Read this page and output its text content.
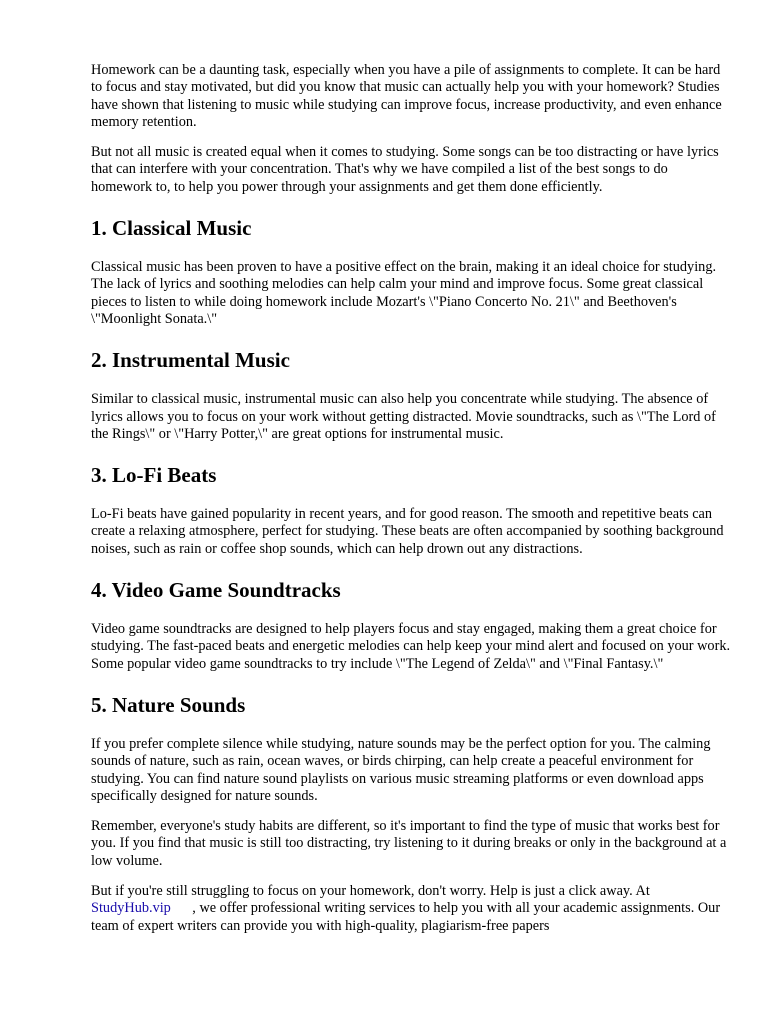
Homework can be a daunting task, especially when you have a pile of assignments to complete. It can be hard to focus and stay motivated, but did you know that music can actually help you with your homework? Studies have shown that listening to music while studying can improve focus, increase productivity, and even enhance memory retention.

But not all music is created equal when it comes to studying. Some songs can be too distracting or have lyrics that can interfere with your concentration. That's why we have compiled a list of the best songs to do homework to, to help you power through your assignments and get them done efficiently.

1. Classical Music

Classical music has been proven to have a positive effect on the brain, making it an ideal choice for studying. The lack of lyrics and soothing melodies can help calm your mind and improve focus. Some great classical pieces to listen to while doing homework include Mozart's \"Piano Concerto No. 21\" and Beethoven's \"Moonlight Sonata.\"

2. Instrumental Music

Similar to classical music, instrumental music can also help you concentrate while studying. The absence of lyrics allows you to focus on your work without getting distracted. Movie soundtracks, such as \"The Lord of the Rings\" or \"Harry Potter,\" are great options for instrumental music.

3. Lo-Fi Beats

Lo-Fi beats have gained popularity in recent years, and for good reason. The smooth and repetitive beats can create a relaxing atmosphere, perfect for studying. These beats are often accompanied by soothing background noises, such as rain or coffee shop sounds, which can help drown out any distractions.

4. Video Game Soundtracks

Video game soundtracks are designed to help players focus and stay engaged, making them a great choice for studying. The fast-paced beats and energetic melodies can help keep your mind alert and focused on your work. Some popular video game soundtracks to try include \"The Legend of Zelda\" and \"Final Fantasy.\"

5. Nature Sounds

If you prefer complete silence while studying, nature sounds may be the perfect option for you. The calming sounds of nature, such as rain, ocean waves, or birds chirping, can help create a peaceful environment for studying. You can find nature sound playlists on various music streaming platforms or even download apps specifically designed for nature sounds.

Remember, everyone's study habits are different, so it's important to find the type of music that works best for you. If you find that music is still too distracting, try listening to it during breaks or only in the background at a low volume.

But if you're still struggling to focus on your homework, don't worry. Help is just a click away. At StudyHub.vip      , we offer professional writing services to help you with all your academic assignments. Our team of expert writers can provide you with high-quality, plagiarism-free papers
